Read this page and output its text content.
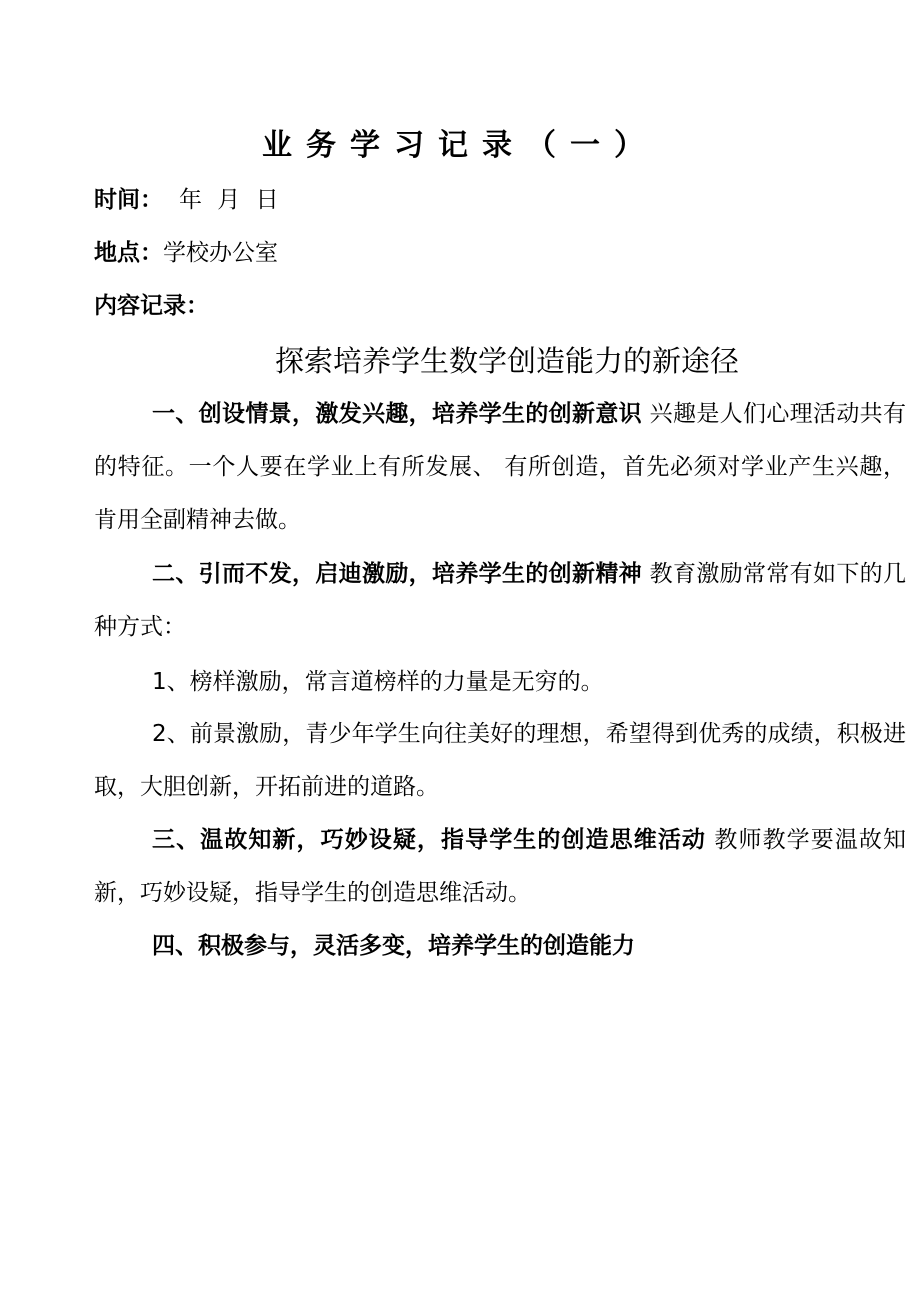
业务学习记录（一）
时间： 年 月 日
地点：学校办公室
内容记录：
探索培养学生数学创造能力的新途径

一、创设情景，激发兴趣，培养学生的创新意识 兴趣是人们心理活动共有的特征。一个人要在学业上有所发展、 有所创造，首先必须对学业产生兴趣，肯用全副精神去做。

二、引而不发，启迪激励，培养学生的创新精神 教育激励常常有如下的几种方式：

1、榜样激励，常言道榜样的力量是无穷的。

2、前景激励，青少年学生向往美好的理想，希望得到优秀的成绩，积极进取，大胆创新，开拓前进的道路。

三、温故知新，巧妙设疑，指导学生的创造思维活动 教师教学要温故知新，巧妙设疑，指导学生的创造思维活动。

四、积极参与，灵活多变，培养学生的创造能力
